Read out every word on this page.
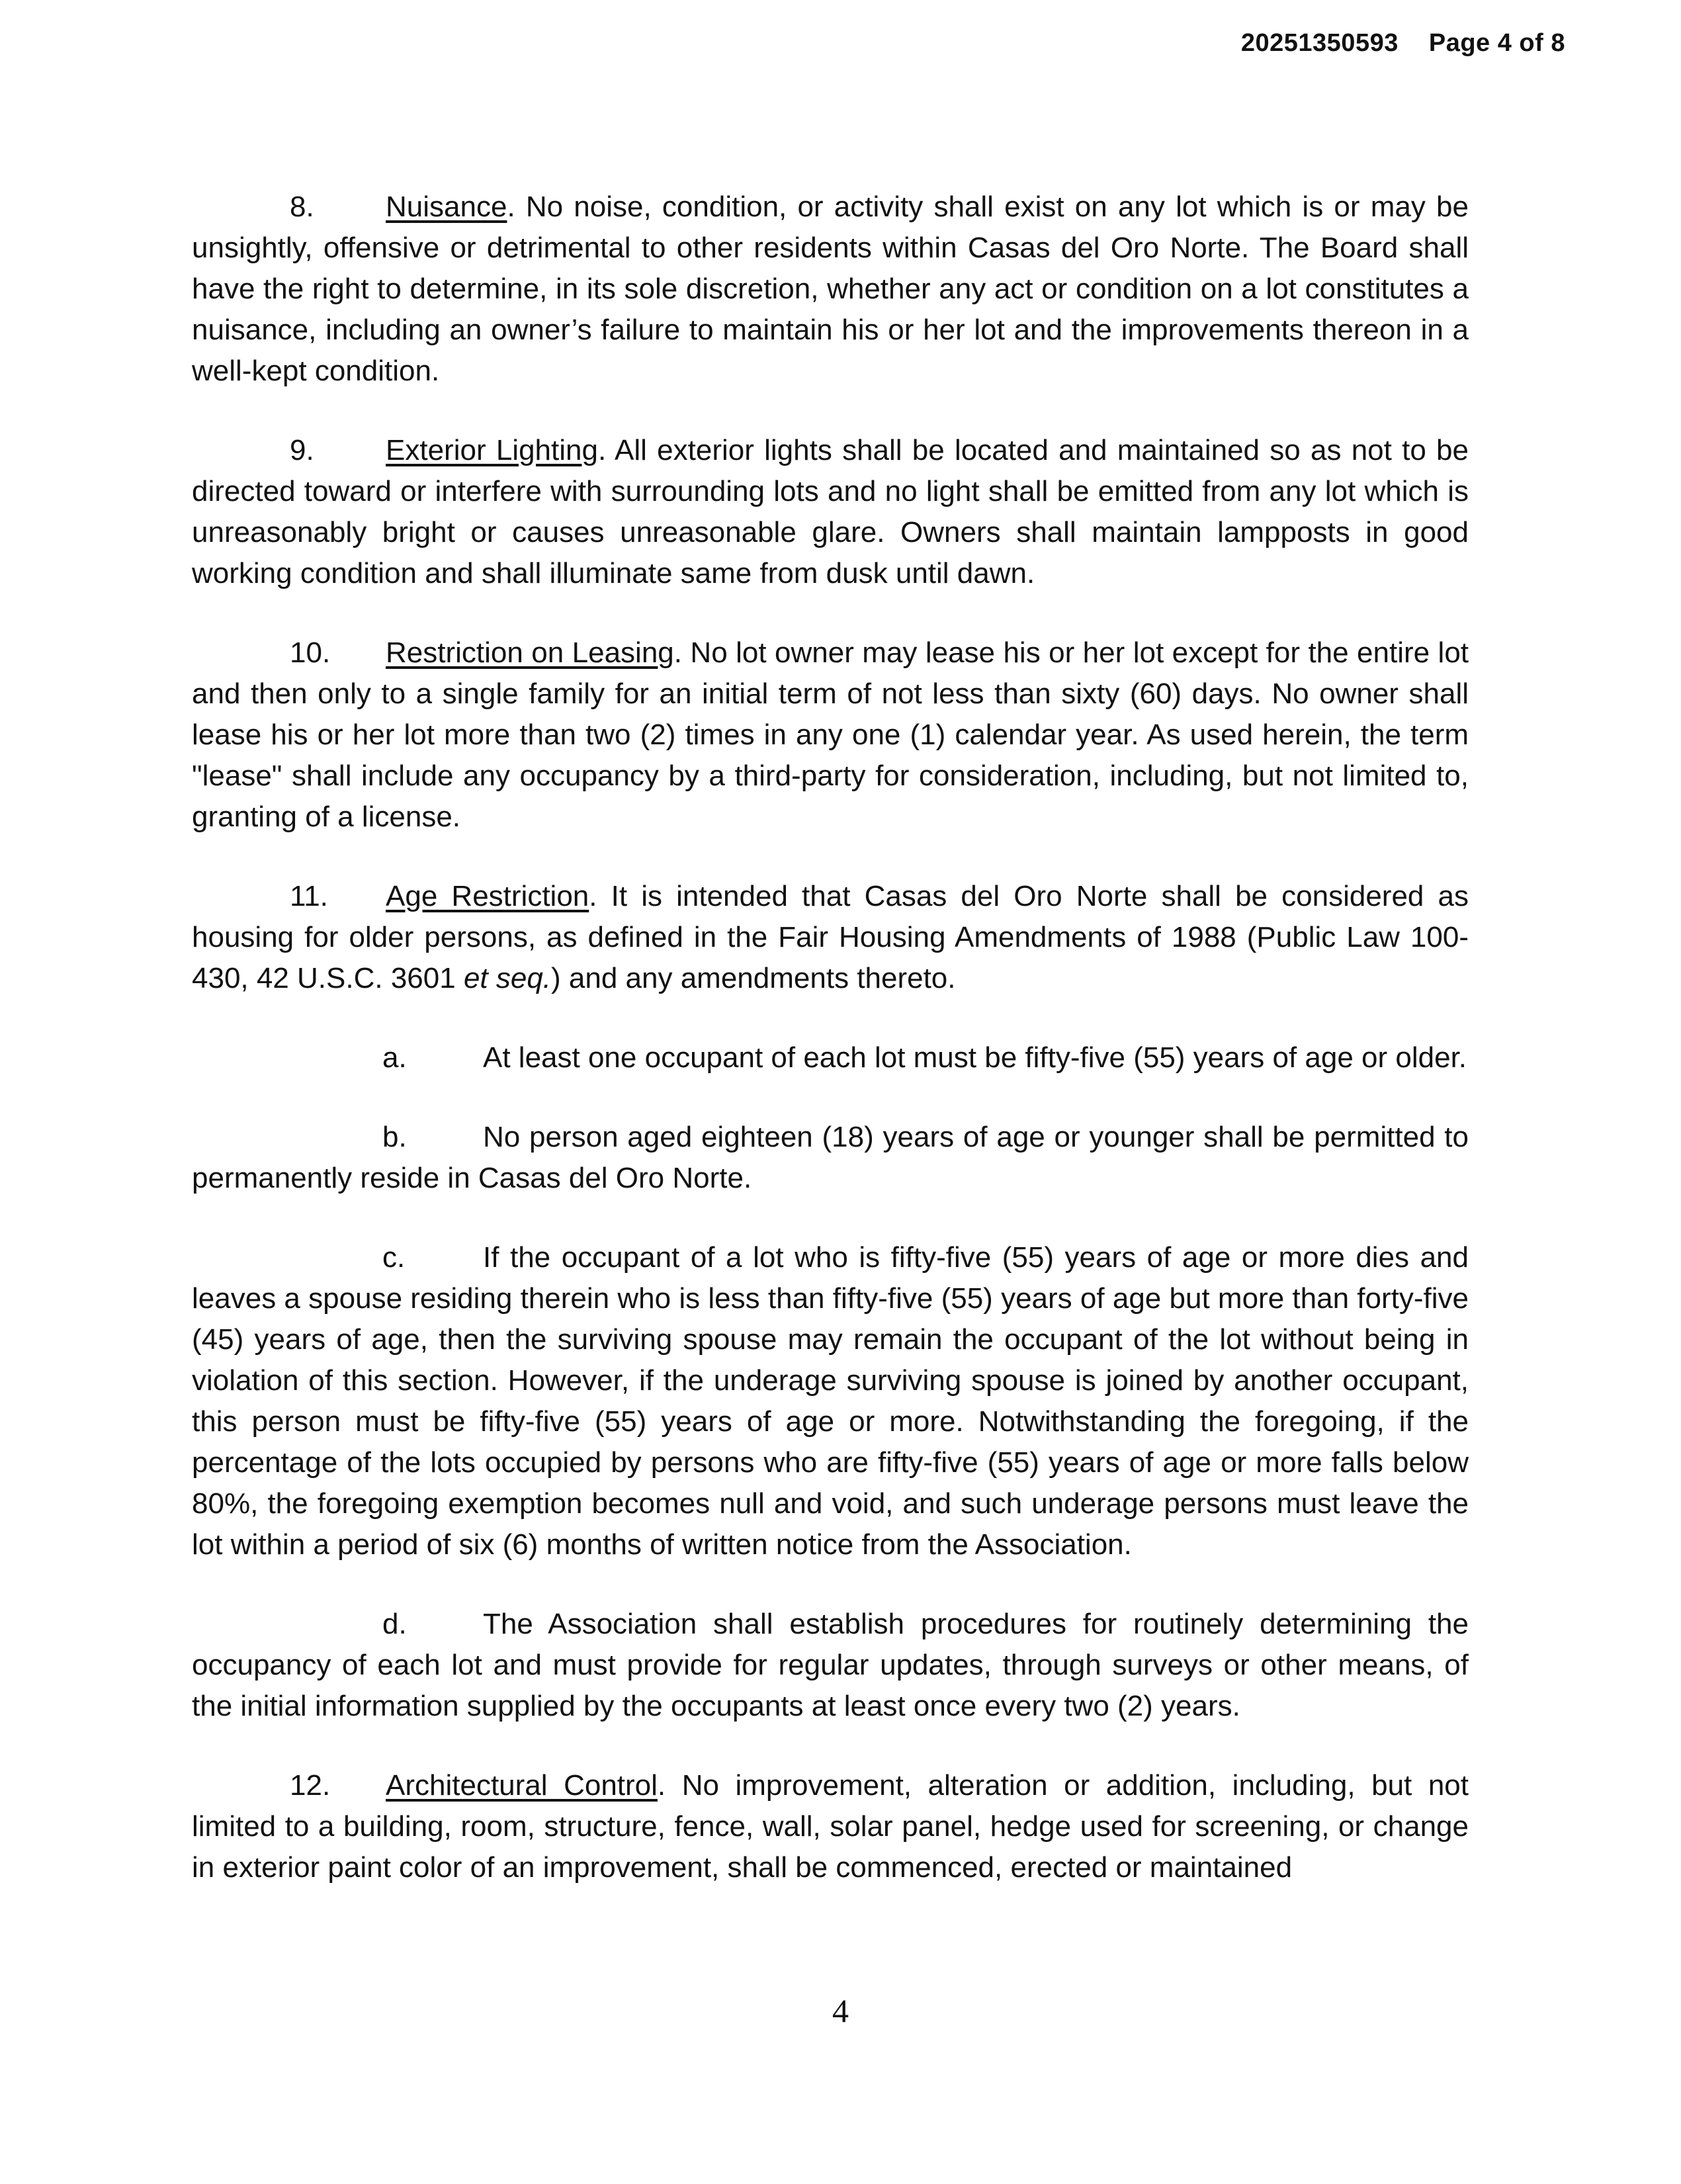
20251350593 Page 4 of 8

8. Nuisance. No noise, condition, or activity shall exist on any lot which is or may be unsightly, offensive or detrimental to other residents within Casas del Oro Norte. The Board shall have the right to determine, in its sole discretion, whether any act or condition on a lot constitutes a nuisance, including an owner’s failure to maintain his or her lot and the improvements thereon in a well-kept condition.

9. Exterior Lighting. All exterior lights shall be located and maintained so as not to be directed toward or interfere with surrounding lots and no light shall be emitted from any lot which is unreasonably bright or causes unreasonable glare. Owners shall maintain lampposts in good working condition and shall illuminate same from dusk until dawn.

10. Restriction on Leasing. No lot owner may lease his or her lot except for the entire lot and then only to a single family for an initial term of not less than sixty (60) days. No owner shall lease his or her lot more than two (2) times in any one (1) calendar year. As used herein, the term "lease" shall include any occupancy by a third-party for consideration, including, but not limited to, granting of a license.

11. Age Restriction. It is intended that Casas del Oro Norte shall be considered as housing for older persons, as defined in the Fair Housing Amendments of 1988 (Public Law 100-430, 42 U.S.C. 3601 et seq.) and any amendments thereto.

a.	At least one occupant of each lot must be fifty-five (55) years of age or older.

b.	No person aged eighteen (18) years of age or younger shall be permitted to permanently reside in Casas del Oro Norte.

c.	If the occupant of a lot who is fifty-five (55) years of age or more dies and leaves a spouse residing therein who is less than fifty-five (55) years of age but more than forty-five (45) years of age, then the surviving spouse may remain the occupant of the lot without being in violation of this section. However, if the underage surviving spouse is joined by another occupant, this person must be fifty-five (55) years of age or more. Notwithstanding the foregoing, if the percentage of the lots occupied by persons who are fifty-five (55) years of age or more falls below 80%, the foregoing exemption becomes null and void, and such underage persons must leave the lot within a period of six (6) months of written notice from the Association.

d.	The Association shall establish procedures for routinely determining the occupancy of each lot and must provide for regular updates, through surveys or other means, of the initial information supplied by the occupants at least once every two (2) years.

12. Architectural Control. No improvement, alteration or addition, including, but not limited to a building, room, structure, fence, wall, solar panel, hedge used for screening, or change in exterior paint color of an improvement, shall be commenced, erected or maintained

4
